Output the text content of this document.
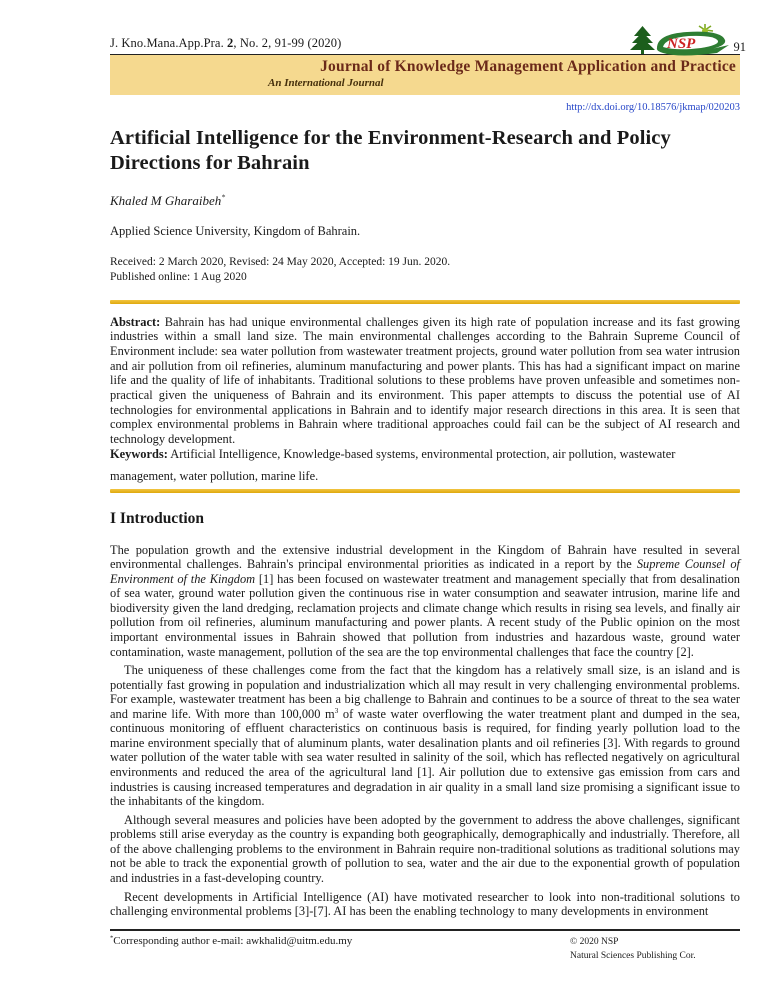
J. Kno.Mana.App.Pra. 2, No. 2, 91-99 (2020)	NSP	91
Journal of Knowledge Management Application and Practice
An International Journal
http://dx.doi.org/10.18576/jkmap/020203
Artificial Intelligence for the Environment-Research and Policy Directions for Bahrain
Khaled M Gharaibeh*
Applied Science University, Kingdom of Bahrain.
Received: 2 March 2020, Revised: 24 May 2020, Accepted: 19 Jun. 2020.
Published online: 1 Aug 2020
Abstract: Bahrain has had unique environmental challenges given its high rate of population increase and its fast growing industries within a small land size. The main environmental challenges according to the Bahrain Supreme Council of Environment include: sea water pollution from wastewater treatment projects, ground water pollution from sea water intrusion and air pollution from oil refineries, aluminum manufacturing and power plants. This has had a significant impact on marine life and the quality of life of inhabitants. Traditional solutions to these problems have proven unfeasible and sometimes non-practical given the uniqueness of Bahrain and its environment. This paper attempts to discuss the potential use of AI technologies for environmental applications in Bahrain and to identify major research directions in this area. It is seen that complex environmental problems in Bahrain where traditional approaches could fail can be the subject of AI research and technology development.
Keywords: Artificial Intelligence, Knowledge-based systems, environmental protection, air pollution, wastewater
management, water pollution, marine life.
I Introduction

The population growth and the extensive industrial development in the Kingdom of Bahrain have resulted in several environmental challenges. Bahrain's principal environmental priorities as indicated in a report by the Supreme Counsel of Environment of the Kingdom [1] has been focused on wastewater treatment and management specially that from desalination of sea water, ground water pollution given the continuous rise in water consumption and seawater intrusion, marine life and biodiversity given the land dredging, reclamation projects and climate change which results in rising sea levels, and finally air pollution from oil refineries, aluminum manufacturing and power plants. A recent study of the Public opinion on the most important environmental issues in Bahrain showed that pollution from industries and hazardous waste, ground water contamination, waste management, pollution of the sea are the top environmental challenges that face the country [2].

The uniqueness of these challenges come from the fact that the kingdom has a relatively small size, is an island and is potentially fast growing in population and industrialization which all may result in very challenging environmental problems. For example, wastewater treatment has been a big challenge to Bahrain and continues to be a source of threat to the sea water and marine life. With more than 100,000 $m^3$ of waste water overflowing the water treatment plant and dumped in the sea, continuous monitoring of effluent characteristics on continuous basis is required, for finding yearly pollution load to the marine environment specially that of aluminum plants, water desalination plants and oil refineries [3]. With regards to ground water pollution of the water table with sea water resulted in salinity of the soil, which has reflected negatively on agricultural environments and reduced the area of the agricultural land [1]. Air pollution due to extensive gas emission from cars and industries is causing increased temperatures and degradation in air quality in a small land size promising a significant issue to the inhabitants of the kingdom.

Although several measures and policies have been adopted by the government to address the above challenges, significant problems still arise everyday as the country is expanding both geographically, demographically and industrially. Therefore, all of the above challenging problems to the environment in Bahrain require non-traditional solutions as traditional solutions may not be able to track the exponential growth of pollution to sea, water and the air due to the exponential growth of population and industries in a fast-developing country.

Recent developments in Artificial Intelligence (AI) have motivated researcher to look into non-traditional solutions to challenging environmental problems [3]-[7]. AI has been the enabling technology to many developments in environment

*Corresponding author e-mail: awkhalid@uitm.edu.my	© 2020 NSP
Natural Sciences Publishing Cor.
